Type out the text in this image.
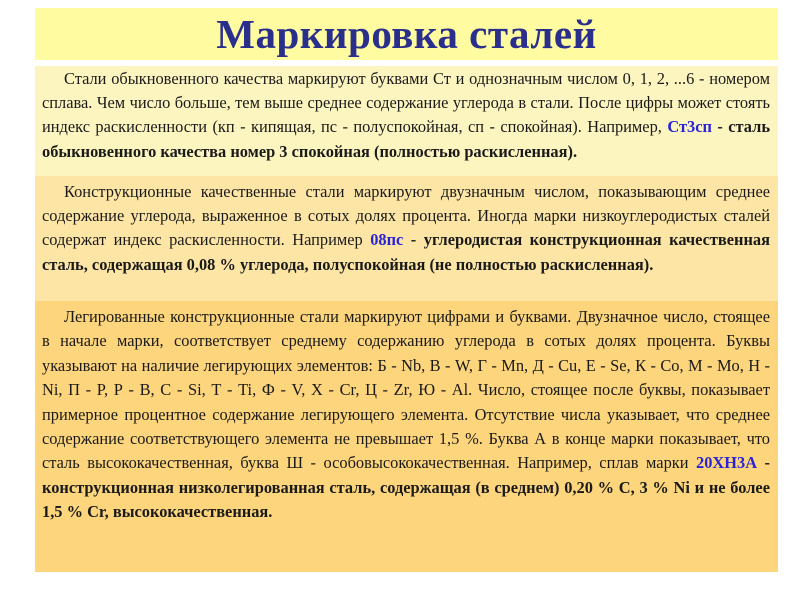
Маркировка сталей

Стали обыкновенного качества маркируют буквами Ст и однозначным числом 0, 1, 2, ...6 - номером сплава. Чем число больше, тем выше среднее содержание углерода в стали. После цифры может стоять индекс раскисленности (кп - кипящая, пс - полуспокойная, сп - спокойная). Например, Ст3сп - сталь обыкновенного качества номер 3 спокойная (полностью раскисленная).

Конструкционные качественные стали маркируют двузначным числом, показывающим среднее содержание углерода, выраженное в сотых долях процента. Иногда марки низкоуглеродистых сталей содержат индекс раскисленности. Например 08пс - углеродистая конструкционная качественная сталь, содержащая 0,08 % углерода, полуспокойная (не полностью раскисленная).

Легированные конструкционные стали маркируют цифрами и буквами. Двузначное число, стоящее в начале марки, соответствует среднему содержанию углерода в сотых долях процента. Буквы указывают на наличие легирующих элементов: Б - Nb, В - W, Г - Mn, Д - Cu, Е - Se, К - Co, М - Mo, Н - Ni, П - P, Р - B, С - Si, Т - Ti, Ф - V, Х - Cr, Ц - Zr, Ю - Al. Число, стоящее после буквы, показывает примерное процентное содержание легирующего элемента. Отсутствие числа указывает, что среднее содержание соответствующего элемента не превышает 1,5 %. Буква А в конце марки показывает, что сталь высококачественная, буква Ш - особовысококачественная. Например, сплав марки 20ХН3А - конструкционная низколегированная сталь, содержащая (в среднем) 0,20 % С, 3 % Ni и не более 1,5 % Cr, высококачественная.
